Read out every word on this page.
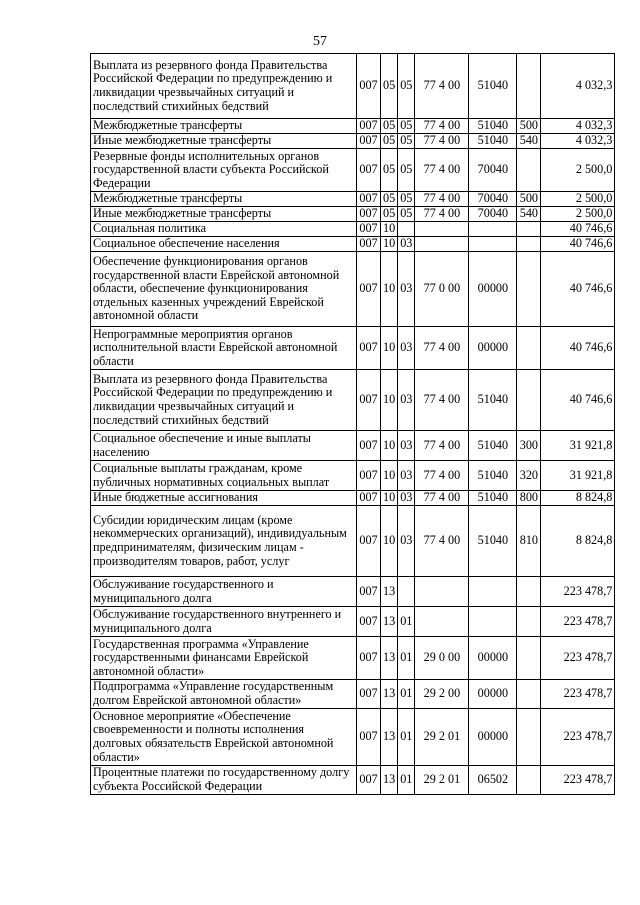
57
Выплата из резервного фонда Правительства Российской Федерации по предупреждению и ликвидации чрезвычайных ситуаций и последствий стихийных бедствий	007	05	05	77 4 00	51040		4 032,3
Межбюджетные трансферты	007	05	05	77 4 00	51040	500	4 032,3
Иные межбюджетные трансферты	007	05	05	77 4 00	51040	540	4 032,3
Резервные фонды исполнительных органов государственной власти субъекта Российской Федерации	007	05	05	77 4 00	70040		2 500,0
Межбюджетные трансферты	007	05	05	77 4 00	70040	500	2 500,0
Иные межбюджетные трансферты	007	05	05	77 4 00	70040	540	2 500,0
Социальная политика	007	10					40 746,6
Социальное обеспечение населения	007	10	03				40 746,6
Обеспечение функционирования органов государственной власти Еврейской автономной области, обеспечение функционирования отдельных казенных учреждений Еврейской автономной области	007	10	03	77 0 00	00000		40 746,6
Непрограммные мероприятия органов исполнительной власти Еврейской автономной области	007	10	03	77 4 00	00000		40 746,6
Выплата из резервного фонда Правительства Российской Федерации по предупреждению и ликвидации чрезвычайных ситуаций и последствий стихийных бедствий	007	10	03	77 4 00	51040		40 746,6
Социальное обеспечение и иные выплаты населению	007	10	03	77 4 00	51040	300	31 921,8
Социальные выплаты гражданам, кроме публичных нормативных социальных выплат	007	10	03	77 4 00	51040	320	31 921,8
Иные бюджетные ассигнования	007	10	03	77 4 00	51040	800	8 824,8
Субсидии юридическим лицам (кроме некоммерческих организаций), индивидуальным предпринимателям, физическим лицам - производителям товаров, работ, услуг	007	10	03	77 4 00	51040	810	8 824,8
Обслуживание государственного и муниципального долга	007	13					223 478,7
Обслуживание государственного внутреннего и муниципального долга	007	13	01				223 478,7
Государственная программа «Управление государственными финансами Еврейской автономной области»	007	13	01	29 0 00	00000		223 478,7
Подпрограмма «Управление государственным долгом Еврейской автономной области»	007	13	01	29 2 00	00000		223 478,7
Основное мероприятие «Обеспечение своевременности и полноты исполнения долговых обязательств Еврейской автономной области»	007	13	01	29 2 01	00000		223 478,7
Процентные платежи по государственному долгу субъекта Российской Федерации	007	13	01	29 2 01	06502		223 478,7
